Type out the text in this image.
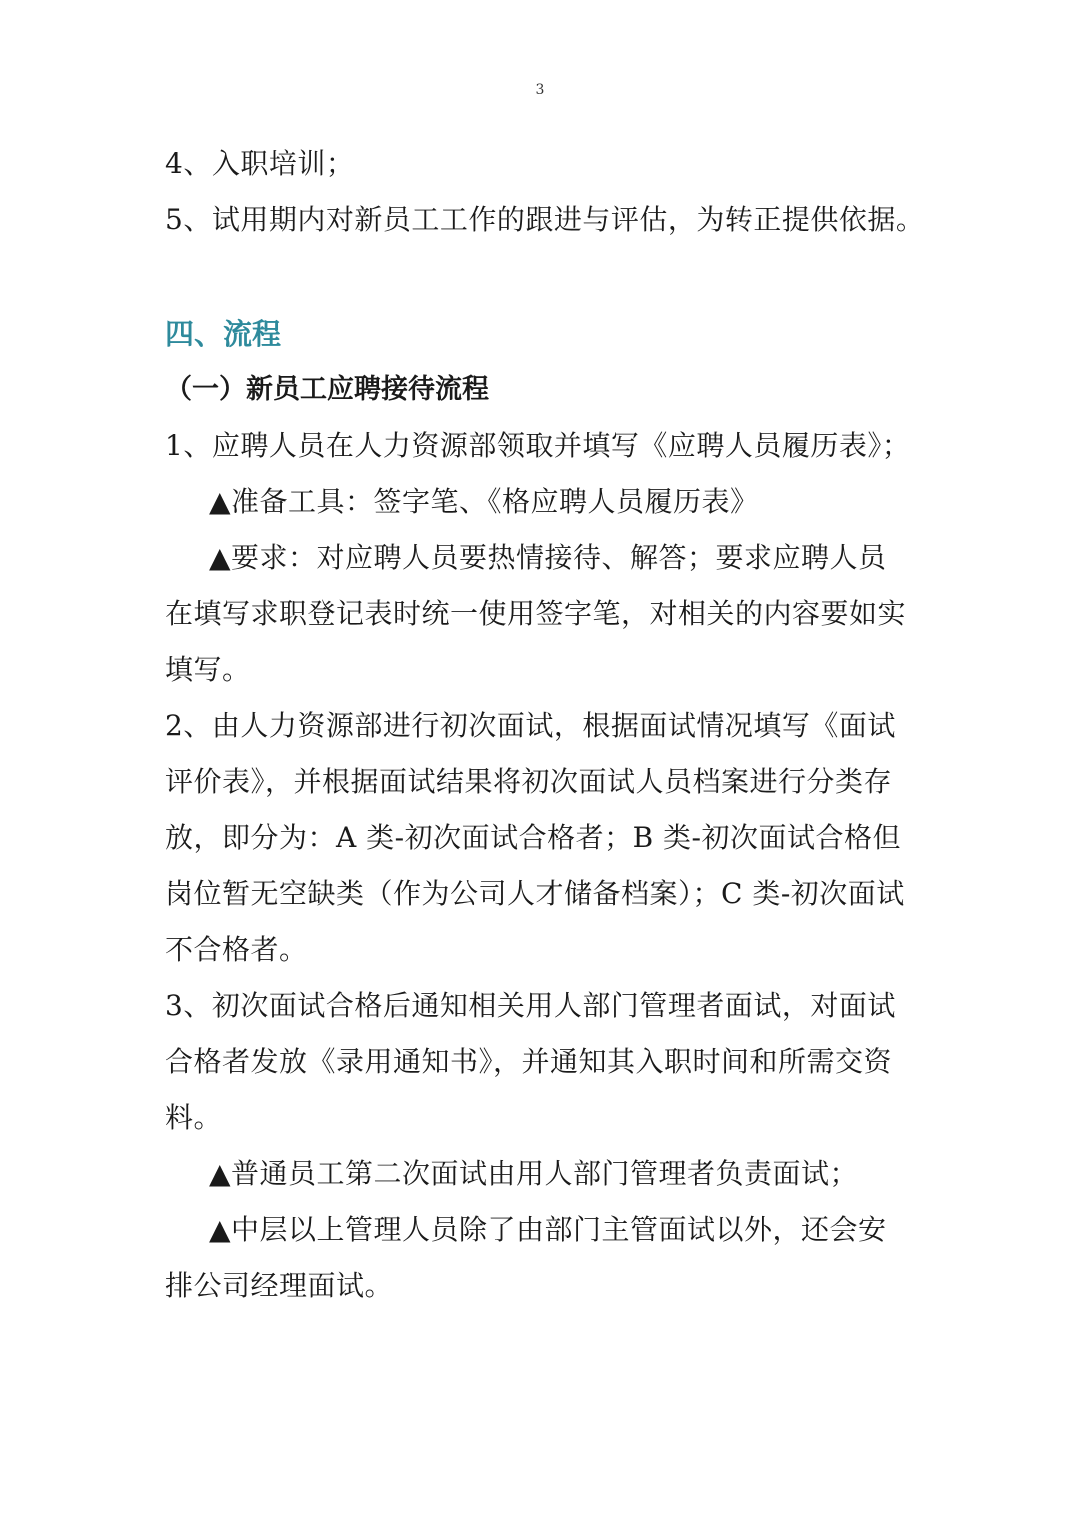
3
4、入职培训；
5、试用期内对新员工工作的跟进与评估，为转正提供依据。
四、流程
（一）新员工应聘接待流程
1、应聘人员在人力资源部领取并填写《应聘人员履历表》；
▲准备工具：签字笔、《格应聘人员履历表》
▲要求：对应聘人员要热情接待、解答；要求应聘人员
在填写求职登记表时统一使用签字笔，对相关的内容要如实
填写。
2、由人力资源部进行初次面试，根据面试情况填写《面试
评价表》，并根据面试结果将初次面试人员档案进行分类存
放，即分为：A 类-初次面试合格者；B 类-初次面试合格但
岗位暂无空缺类（作为公司人才储备档案）；C 类-初次面试
不合格者。
3、初次面试合格后通知相关用人部门管理者面试，对面试
合格者发放《录用通知书》，并通知其入职时间和所需交资
料。
▲普通员工第二次面试由用人部门管理者负责面试；
▲中层以上管理人员除了由部门主管面试以外，还会安
排公司经理面试。
